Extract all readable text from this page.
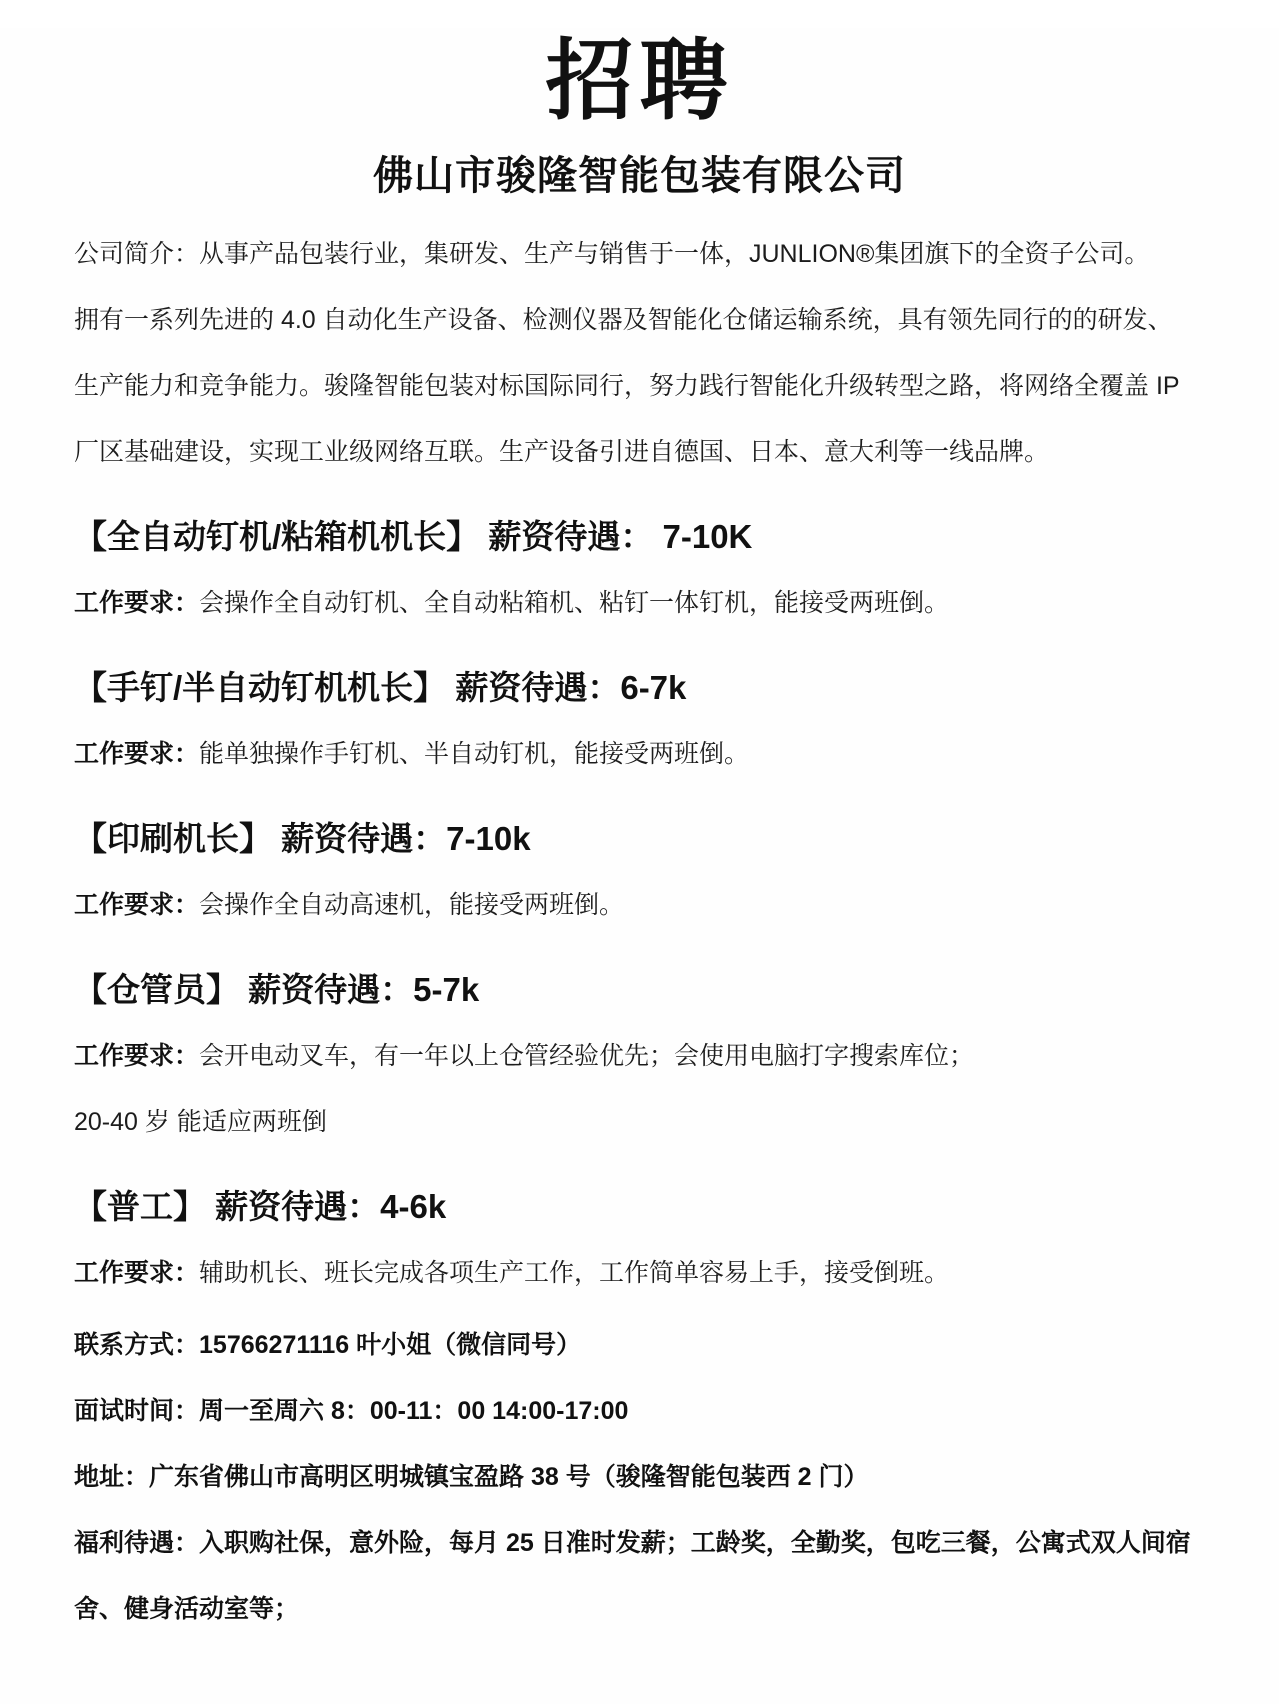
招聘
佛山市骏隆智能包装有限公司
公司简介：从事产品包装行业，集研发、生产与销售于一体，JUNLION®集团旗下的全资子公司。
拥有一系列先进的 4.0 自动化生产设备、检测仪器及智能化仓储运输系统，具有领先同行的的研发、
生产能力和竞争能力。骏隆智能包装对标国际同行，努力践行智能化升级转型之路，将网络全覆盖 IP
厂区基础建设，实现工业级网络互联。生产设备引进自德国、日本、意大利等一线品牌。
【全自动钉机/粘箱机机长】 薪资待遇： 7-10K
工作要求：会操作全自动钉机、全自动粘箱机、粘钉一体钉机，能接受两班倒。
【手钉/半自动钉机机长】 薪资待遇：6-7k
工作要求：能单独操作手钉机、半自动钉机，能接受两班倒。
【印刷机长】 薪资待遇：7-10k
工作要求：会操作全自动高速机，能接受两班倒。
【仓管员】 薪资待遇：5-7k
工作要求：会开电动叉车，有一年以上仓管经验优先；会使用电脑打字搜索库位；
20-40 岁 能适应两班倒
【普工】 薪资待遇：4-6k
工作要求：辅助机长、班长完成各项生产工作，工作简单容易上手，接受倒班。
联系方式：15766271116 叶小姐（微信同号）
面试时间：周一至周六 8：00-11：00 14:00-17:00
地址：广东省佛山市高明区明城镇宝盈路 38 号（骏隆智能包装西 2 门）
福利待遇：入职购社保，意外险，每月 25 日准时发薪；工龄奖，全勤奖，包吃三餐，公寓式双人间宿舍、健身活动室等；
